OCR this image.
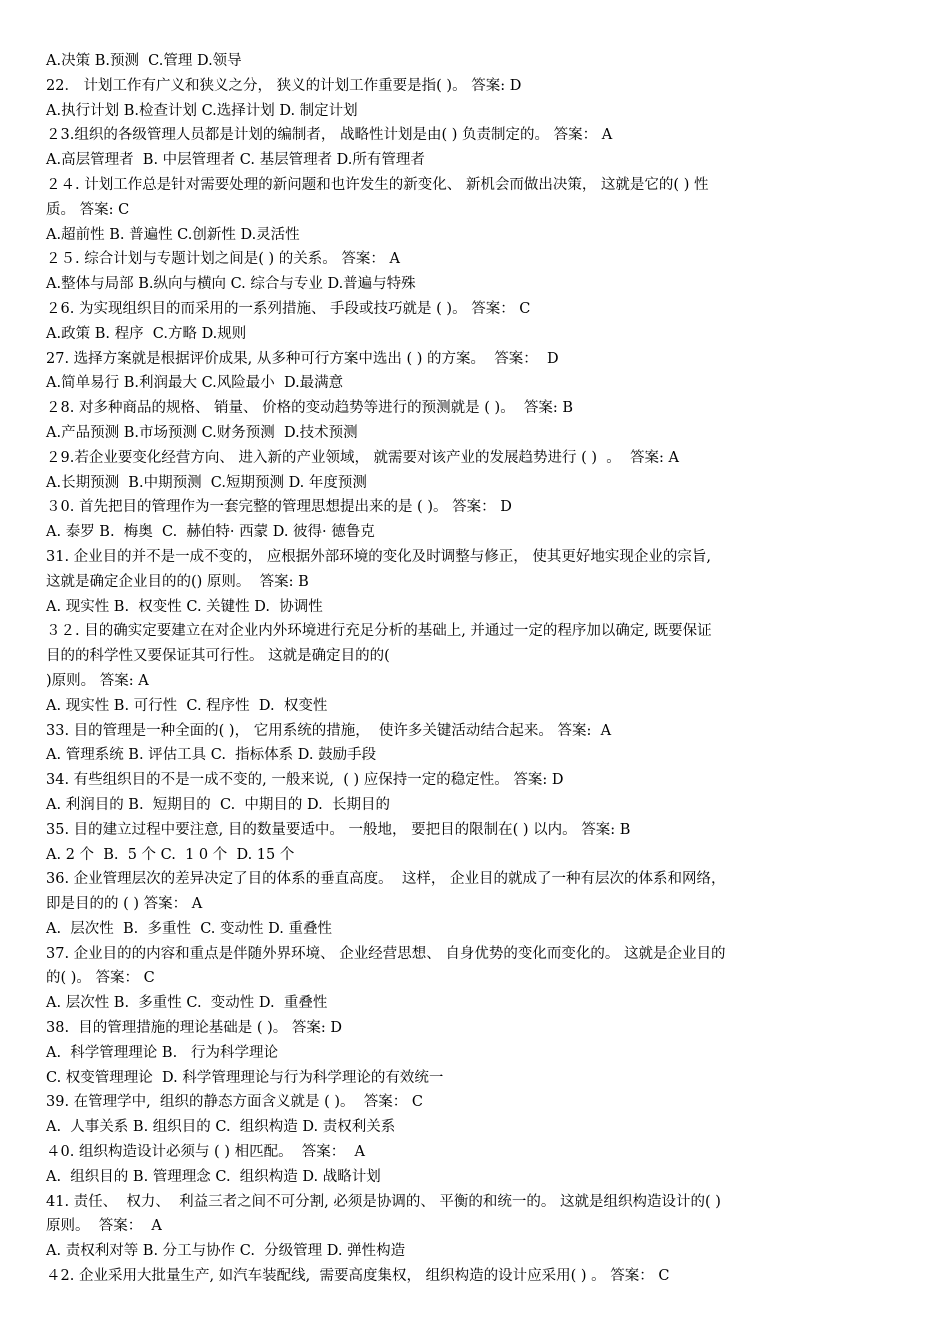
A.决策 B.预测  C.管理 D.领导
22． 计划工作有广义和狭义之分， 狭义的计划工作重要是指( )。 答案: D
A.执行计划 B.检查计划 C.选择计划 D. 制定计划
２3.组织的各级管理人员都是计划的编制者， 战略性计划是由( ) 负责制定的。 答案： A
A.高层管理者  B. 中层管理者 C. 基层管理者 D.所有管理者
２４. 计划工作总是针对需要处理的新问题和也许发生的新变化、 新机会而做出决策， 这就是它的( ) 性
质。 答案: C
A.超前性 B. 普遍性 C.创新性 D.灵活性
２５. 综合计划与专题计划之间是( ) 的关系。 答案： A
A.整体与局部 B.纵向与横向 C. 综合与专业 D.普遍与特殊
２6. 为实现组织目的而采用的一系列措施、 手段或技巧就是 ( )。 答案： C
A.政策 B. 程序  C.方略 D.规则
27. 选择方案就是根据评价成果, 从多种可行方案中选出 ( ) 的方案。  答案：  D
A.简单易行 B.利润最大 C.风险最小  D.最满意
２8. 对多种商品的规格、 销量、 价格的变动趋势等进行的预测就是 ( )。  答案: B
A.产品预测 B.市场预测 C.财务预测  D.技术预测
２9.若企业要变化经营方向、 进入新的产业领域， 就需要对该产业的发展趋势进行 ( )  。  答案: A
A.长期预测  B.中期预测  C.短期预测 D. 年度预测
３0. 首先把目的管理作为一套完整的管理思想提出来的是 ( )。 答案： D
A. 泰罗 B.  梅奥  C.  赫伯特· 西蒙 D. 彼得· 德鲁克
31. 企业目的并不是一成不变的， 应根据外部环境的变化及时调整与修正， 使其更好地实现企业的宗旨,
这就是确定企业目的的() 原则。  答案: B
A. 现实性 B.  权变性 C. 关键性 D.  协调性
３２. 目的确实定要建立在对企业内外环境进行充足分析的基础上, 并通过一定的程序加以确定, 既要保证
目的的科学性又要保证其可行性。 这就是确定目的的(
)原则。 答案: A
A. 现实性 B. 可行性  C. 程序性  D.  权变性
33. 目的管理是一种全面的( )， 它用系统的措施，  使许多关键活动结合起来。 答案:  A
A. 管理系统 B. 评估工具 C.  指标体系 D. 鼓励手段
34. 有些组织目的不是一成不变的, 一般来说,  ( ) 应保持一定的稳定性。 答案: D
A. 利润目的 B.  短期目的  C.  中期目的 D.  长期目的
35. 目的建立过程中要注意, 目的数量要适中。 一般地， 要把目的限制在( ) 以内。 答案: B
A. 2 个  B.  5 个 C.  1 0 个  D. 15 个
36. 企业管理层次的差异决定了目的体系的垂直高度。  这样， 企业目的就成了一种有层次的体系和网络，
即是目的的 ( ) 答案： A
A.  层次性  B.  多重性  C. 变动性 D. 重叠性
37. 企业目的的内容和重点是伴随外界环境、 企业经营思想、 自身优势的变化而变化的。 这就是企业目的
的( )。 答案： C
A. 层次性 B.  多重性 C.  变动性 D.  重叠性
38.  目的管理措施的理论基础是 ( )。 答案: D
A.  科学管理理论 B.   行为科学理论
C. 权变管理理论  D. 科学管理理论与行为科学理论的有效统一
39. 在管理学中,  组织的静态方面含义就是 ( )。  答案： C
A.  人事关系 B. 组织目的 C.  组织构造 D. 责权利关系
４0. 组织构造设计必须与 ( ) 相匹配。  答案：  A
A.  组织目的 B. 管理理念 C.  组织构造 D. 战略计划
41. 责任、  权力、  利益三者之间不可分割, 必须是协调的、 平衡的和统一的。 这就是组织构造设计的( )
原则。  答案：  A
A. 责权利对等 B. 分工与协作 C.  分级管理 D. 弹性构造
４2. 企业采用大批量生产, 如汽车装配线,  需要高度集权， 组织构造的设计应采用( ) 。 答案： C
